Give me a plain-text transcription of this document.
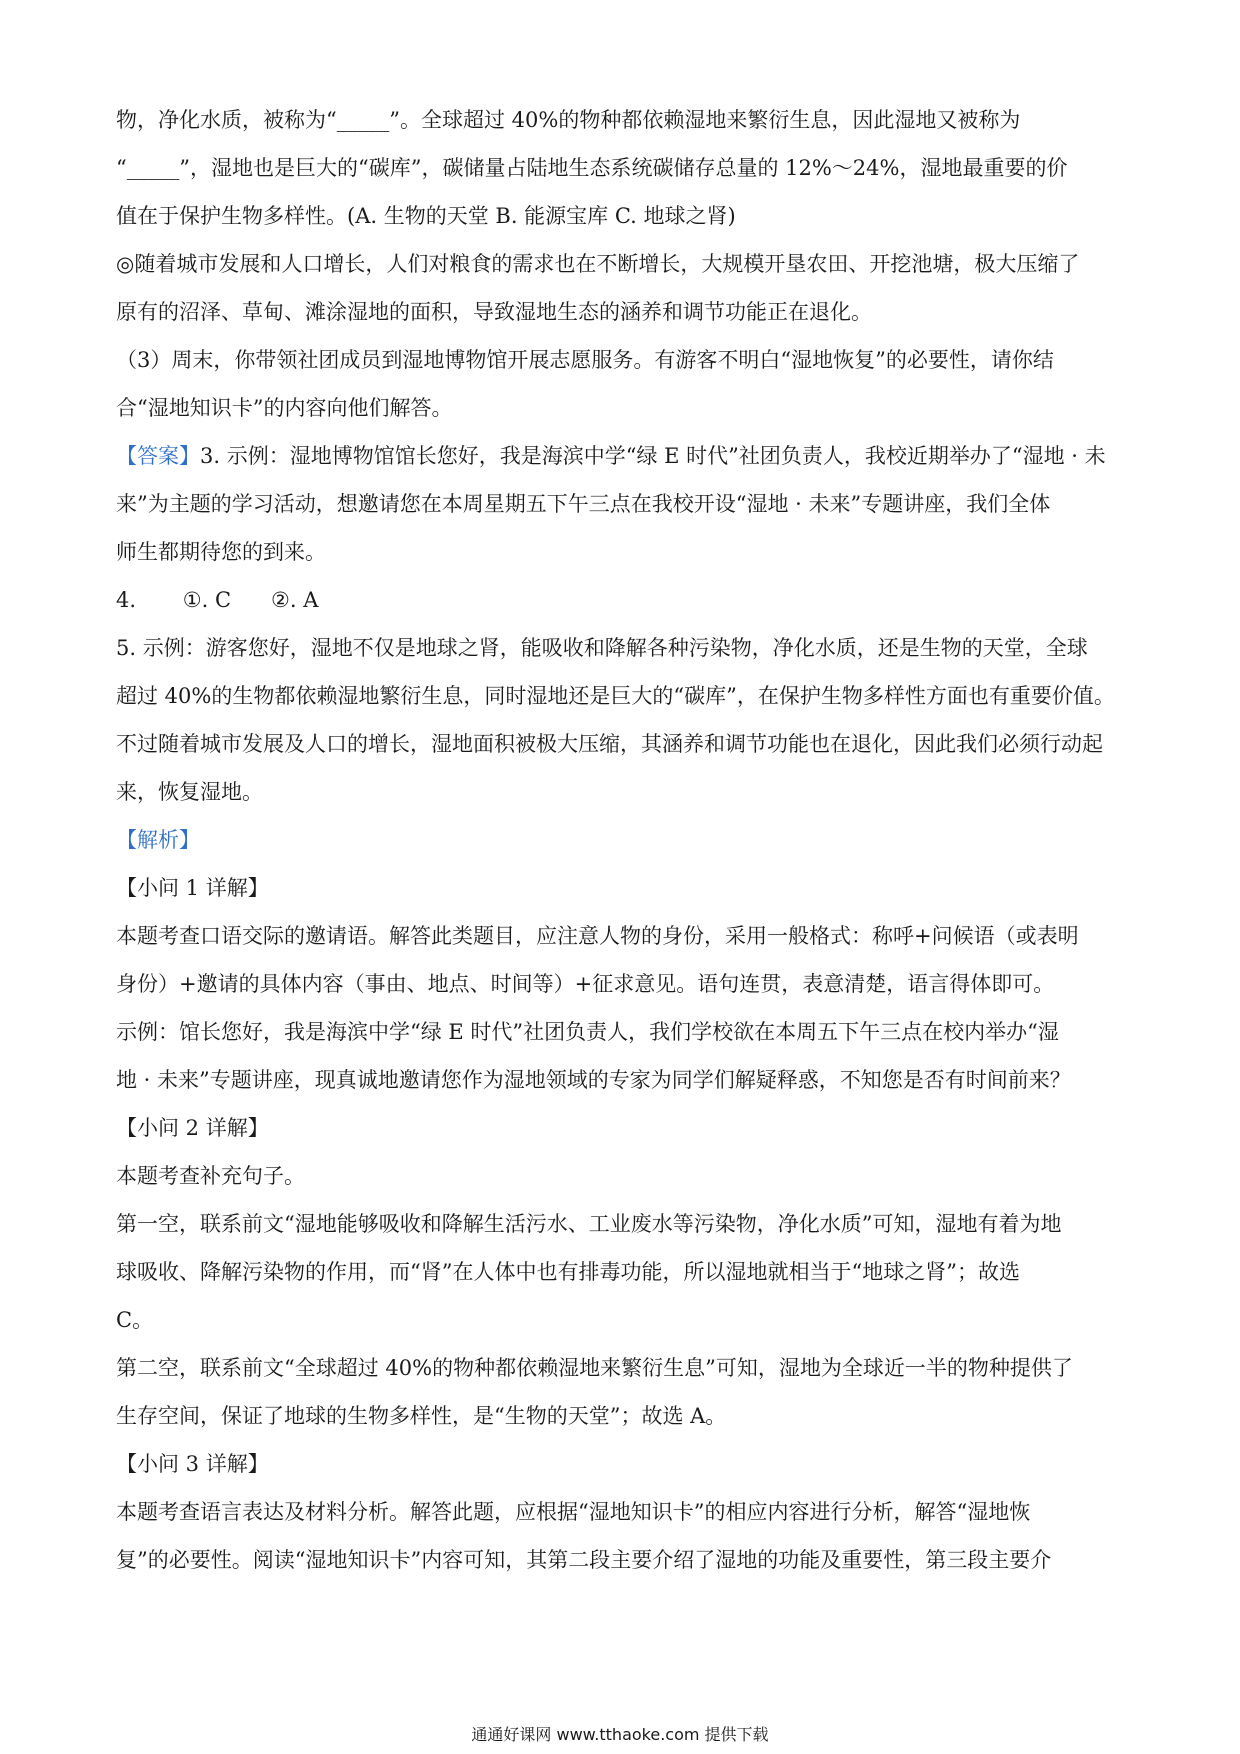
物，净化水质，被称为“_____”。全球超过 40%的物种都依赖湿地来繁衍生息，因此湿地又被称为
“_____”，湿地也是巨大的“碳库”，碳储量占陆地生态系统碳储存总量的 12%～24%，湿地最重要的价
值在于保护生物多样性。(A. 生物的天堂 B. 能源宝库 C. 地球之肾)
◎随着城市发展和人口增长，人们对粮食的需求也在不断增长，大规模开垦农田、开挖池塘，极大压缩了
原有的沼泽、草甸、滩涂湿地的面积，导致湿地生态的涵养和调节功能正在退化。
（3）周末，你带领社团成员到湿地博物馆开展志愿服务。有游客不明白“湿地恢复”的必要性，请你结
合“湿地知识卡”的内容向他们解答。
【答案】3. 示例：湿地博物馆馆长您好，我是海滨中学“绿 E 时代”社团负责人，我校近期举办了“湿地 · 未
来”为主题的学习活动，想邀请您在本周星期五下午三点在我校开设“湿地 · 未来”专题讲座，我们全体
师生都期待您的到来。
4.       ①. C      ②. A
5. 示例：游客您好，湿地不仅是地球之肾，能吸收和降解各种污染物，净化水质，还是生物的天堂，全球
超过 40%的生物都依赖湿地繁衍生息，同时湿地还是巨大的“碳库”，在保护生物多样性方面也有重要价值。
不过随着城市发展及人口的增长，湿地面积被极大压缩，其涵养和调节功能也在退化，因此我们必须行动起
来，恢复湿地。
【解析】
【小问 1 详解】
本题考查口语交际的邀请语。解答此类题目，应注意人物的身份，采用一般格式：称呼+问候语（或表明
身份）+邀请的具体内容（事由、地点、时间等）+征求意见。语句连贯，表意清楚，语言得体即可。
示例：馆长您好，我是海滨中学“绿 E 时代”社团负责人，我们学校欲在本周五下午三点在校内举办“湿
地 · 未来”专题讲座，现真诚地邀请您作为湿地领域的专家为同学们解疑释惑，不知您是否有时间前来？
【小问 2 详解】
本题考查补充句子。
第一空，联系前文“湿地能够吸收和降解生活污水、工业废水等污染物，净化水质”可知，湿地有着为地
球吸收、降解污染物的作用，而“肾”在人体中也有排毒功能，所以湿地就相当于“地球之肾”；故选
C。
第二空，联系前文“全球超过 40%的物种都依赖湿地来繁衍生息”可知，湿地为全球近一半的物种提供了
生存空间，保证了地球的生物多样性，是“生物的天堂”；故选 A。
【小问 3 详解】
本题考查语言表达及材料分析。解答此题，应根据“湿地知识卡”的相应内容进行分析，解答“湿地恢
复”的必要性。阅读“湿地知识卡”内容可知，其第二段主要介绍了湿地的功能及重要性，第三段主要介
通通好课网 www.tthaoke.com 提供下载
